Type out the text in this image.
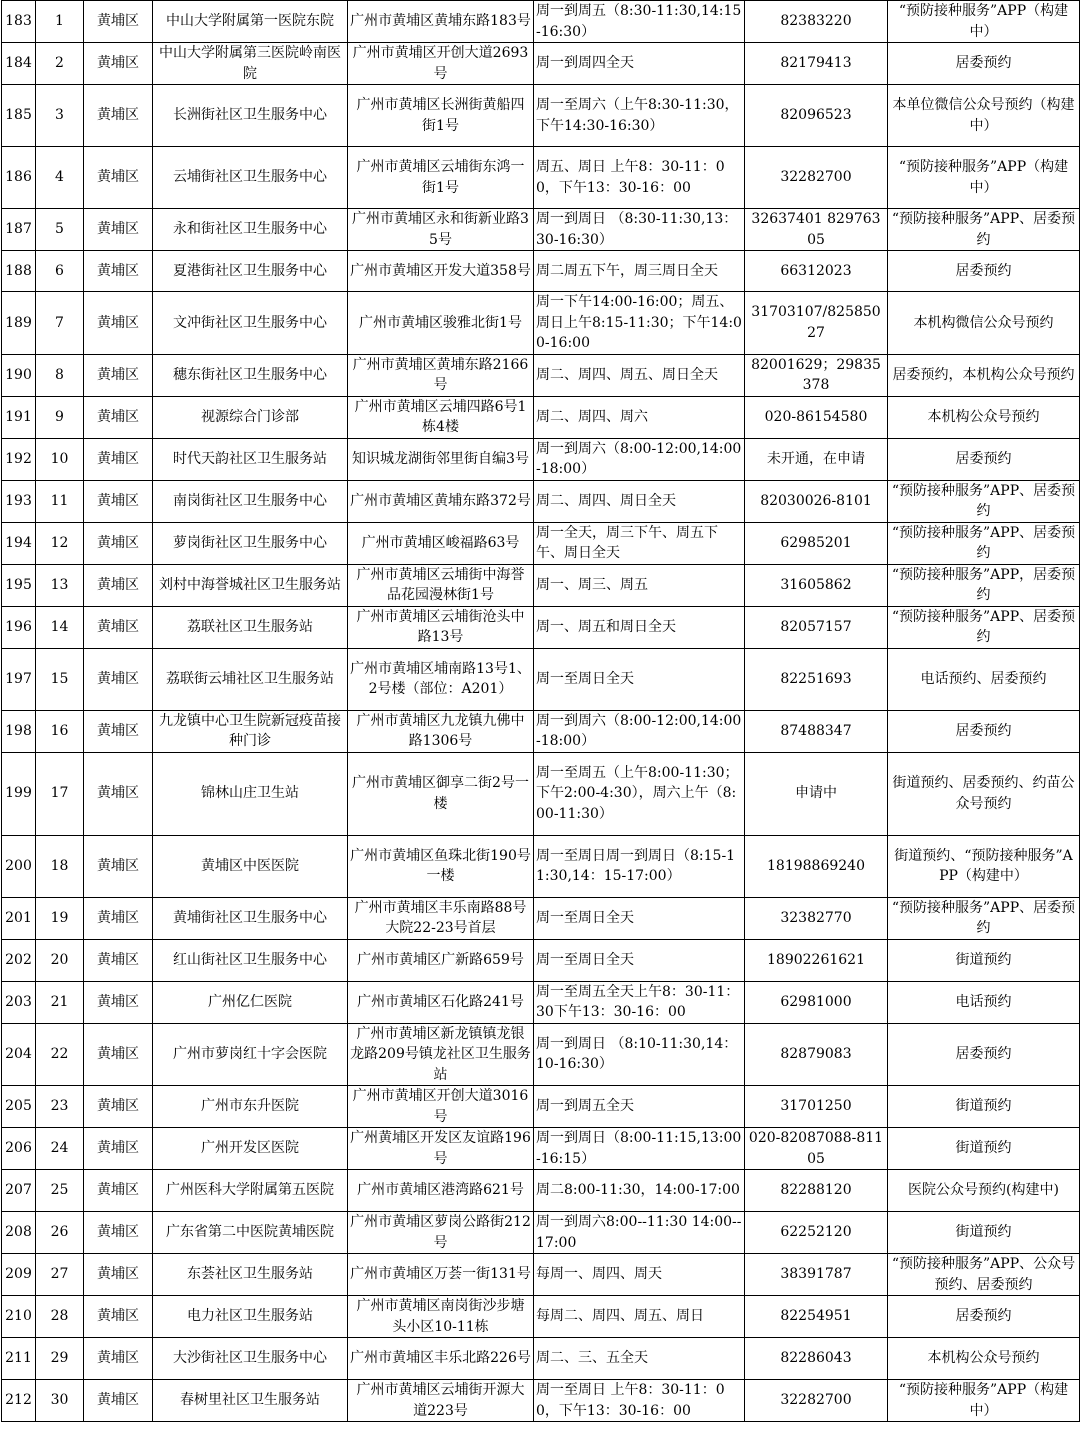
183	1	黄埔区	中山大学附属第一医院东院	广州市黄埔区黄埔东路183号	周一到周五（8:30-11:30,14:15-16:30）	82383220	“预防接种服务”APP（构建中）
184	2	黄埔区	中山大学附属第三医院岭南医院	广州市黄埔区开创大道2693号	周一到周四全天	82179413	居委预约
185	3	黄埔区	长洲街社区卫生服务中心	广州市黄埔区长洲街黄船四街1号	周一至周六（上午8:30-11:30，下午14:30-16:30）	82096523	本单位微信公众号预约（构建中）
186	4	黄埔区	云埔街社区卫生服务中心	广州市黄埔区云埔街东鸿一街1号	周五、周日 上午8：30-11：00，下午13：30-16：00	32282700	“预防接种服务”APP（构建中）
187	5	黄埔区	永和街社区卫生服务中心	广州市黄埔区永和街新业路35号	周一到周日 （8:30-11:30,13：30-16:30）	32637401 82976305	“预防接种服务”APP、居委预约
188	6	黄埔区	夏港街社区卫生服务中心	广州市黄埔区开发大道358号	周二周五下午，周三周日全天	66312023	居委预约
189	7	黄埔区	文冲街社区卫生服务中心	广州市黄埔区骏雅北街1号	周一下午14:00-16:00；周五、周日上午8:15-11:30；下午14:00-16:00	31703107/82585027	本机构微信公众号预约
190	8	黄埔区	穗东街社区卫生服务中心	广州市黄埔区黄埔东路2166号	周二、周四、周五、周日全天	82001629；29835378	居委预约，本机构公众号预约
191	9	黄埔区	视源综合门诊部	广州市黄埔区云埔四路6号1栋4楼	周二、周四、周六	020-86154580	本机构公众号预约
192	10	黄埔区	时代天韵社区卫生服务站	知识城龙湖街邻里街自编3号	周一到周六（8:00-12:00,14:00-18:00）	未开通，在申请	居委预约
193	11	黄埔区	南岗街社区卫生服务中心	广州市黄埔区黄埔东路372号	周二、周四、周日全天	82030026-8101	“预防接种服务”APP、居委预约
194	12	黄埔区	萝岗街社区卫生服务中心	广州市黄埔区峻福路63号	周一全天，周三下午、周五下午、周日全天	62985201	“预防接种服务”APP、居委预约
195	13	黄埔区	刘村中海誉城社区卫生服务站	广州市黄埔区云埔街中海誉品花园漫林街1号	周一、周三、周五	31605862	“预防接种服务”APP，居委预约
196	14	黄埔区	荔联社区卫生服务站	广州市黄埔区云埔街沧头中路13号	周一、周五和周日全天	82057157	“预防接种服务”APP、居委预约
197	15	黄埔区	荔联街云埔社区卫生服务站	广州市黄埔区埔南路13号1、2号楼（部位：A201）	周一至周日全天	82251693	电话预约、居委预约
198	16	黄埔区	九龙镇中心卫生院新冠疫苗接种门诊	广州市黄埔区九龙镇九佛中路1306号	周一到周六（8:00-12:00,14:00-18:00）	87488347	居委预约
199	17	黄埔区	锦林山庄卫生站	广州市黄埔区御享二街2号一楼	周一至周五（上午8:00-11:30；下午2:00-4:30），周六上午（8:00-11:30）	申请中	街道预约、居委预约、约苗公众号预约
200	18	黄埔区	黄埔区中医医院	广州市黄埔区鱼珠北街190号一楼	周一至周日周一到周日（8:15-11:30,14：15-17:00）	18198869240	街道预约、“预防接种服务”APP（构建中）
201	19	黄埔区	黄埔街社区卫生服务中心	广州市黄埔区丰乐南路88号大院22-23号首层	周一至周日全天	32382770	“预防接种服务”APP、居委预约
202	20	黄埔区	红山街社区卫生服务中心	广州市黄埔区广新路659号	周一至周日全天	18902261621	街道预约
203	21	黄埔区	广州亿仁医院	广州市黄埔区石化路241号	周一至周五全天上午8：30-11：30下午13：30-16：00	62981000	电话预约
204	22	黄埔区	广州市萝岗红十字会医院	广州市黄埔区新龙镇镇龙银龙路209号镇龙社区卫生服务站	周一到周日 （8:10-11:30,14：10-16:30）	82879083	居委预约
205	23	黄埔区	广州市东升医院	广州市黄埔区开创大道3016号	周一到周五全天	31701250	街道预约
206	24	黄埔区	广州开发区医院	广州黄埔区开发区友谊路196号	周一到周日（8:00-11:15,13:00-16:15）	020-82087088-81105	街道预约
207	25	黄埔区	广州医科大学附属第五医院	广州市黄埔区港湾路621号	周二8:00-11:30，14:00-17:00	82288120	医院公众号预约(构建中)
208	26	黄埔区	广东省第二中医院黄埔医院	广州市黄埔区萝岗公路街212号	周一到周六8:00--11:30 14:00--17:00	62252120	街道预约
209	27	黄埔区	东荟社区卫生服务站	广州市黄埔区万荟一街131号	每周一、周四、周天	38391787	“预防接种服务”APP、公众号预约、居委预约
210	28	黄埔区	电力社区卫生服务站	广州市黄埔区南岗街沙步塘头小区10-11栋	每周二、周四、周五、周日	82254951	居委预约
211	29	黄埔区	大沙街社区卫生服务中心	广州市黄埔区丰乐北路226号	周二、三、五全天	82286043	本机构公众号预约
212	30	黄埔区	春树里社区卫生服务站	广州市黄埔区云埔街开源大道223号	周一至周日 上午8：30-11：00，下午13：30-16：00	32282700	“预防接种服务”APP（构建中）
